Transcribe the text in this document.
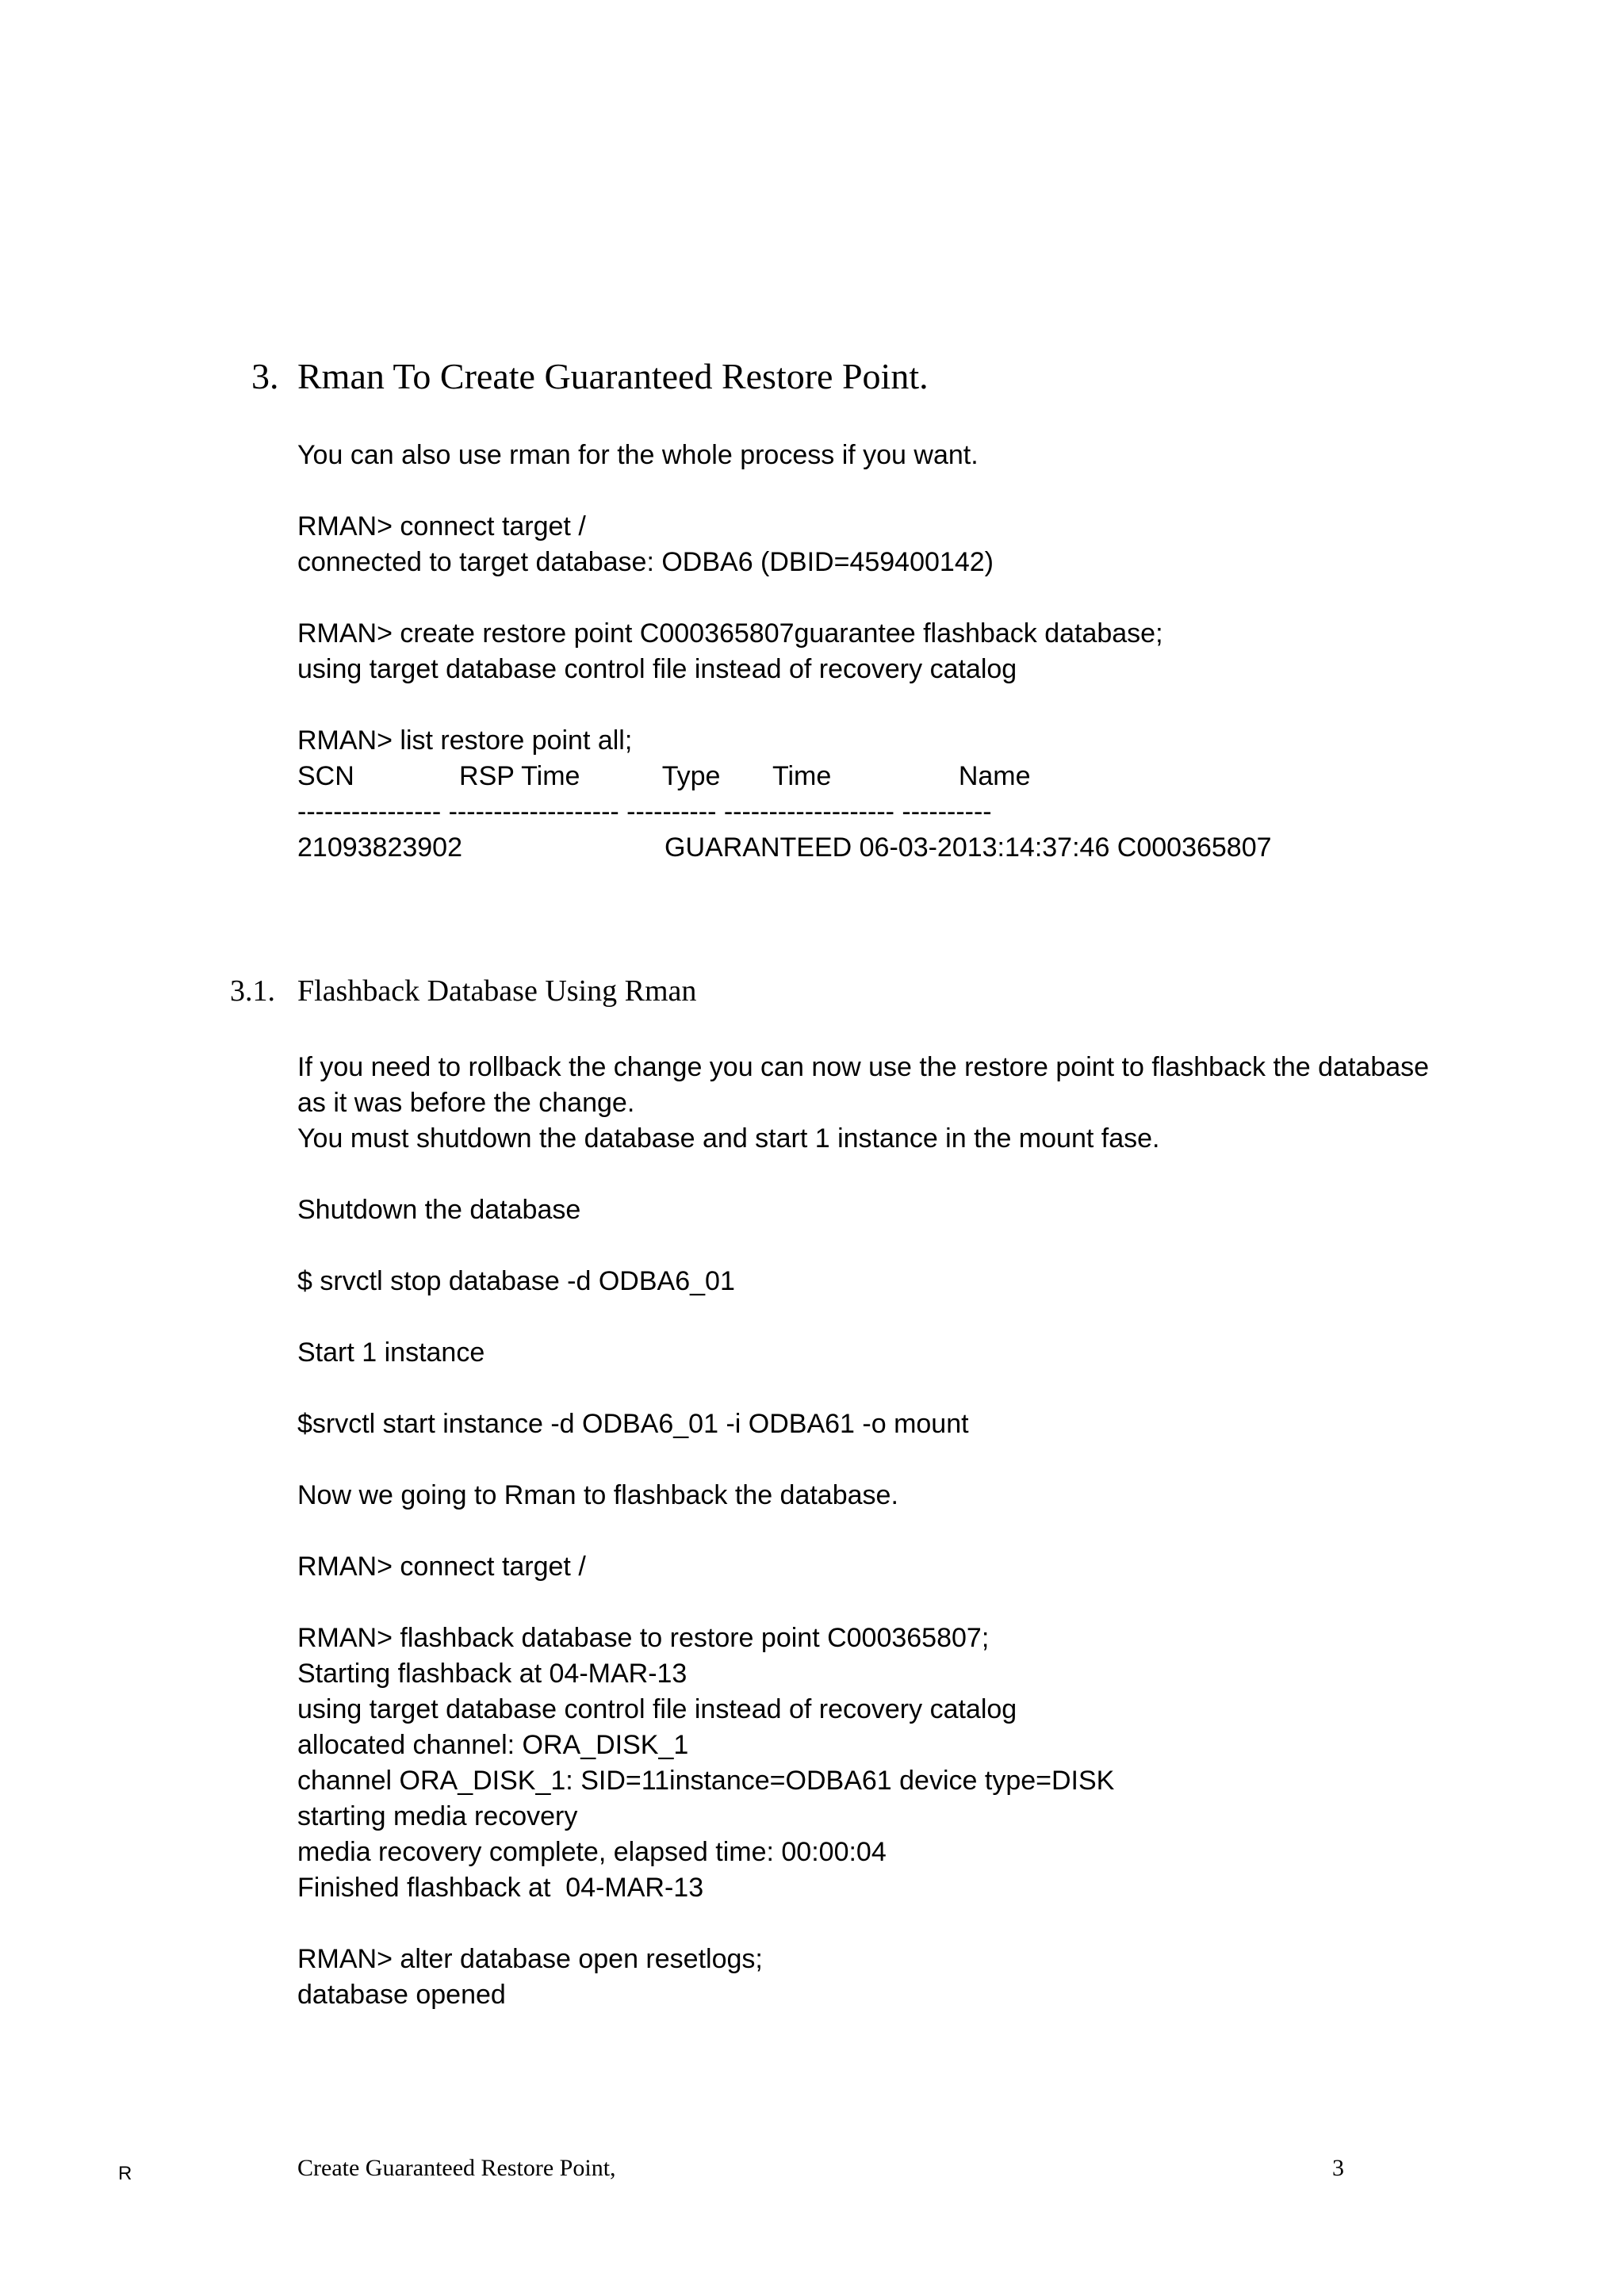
3. Rman To Create Guaranteed Restore Point.
You can also use rman for the whole process if you want.
RMAN> connect target /
connected to target database: ODBA6 (DBID=459400142)
RMAN> create restore point C000365807guarantee flashback database;
using target database control file instead of recovery catalog
RMAN> list restore point all;
SCN              RSP Time           Type       Time                 Name
---------------- ------------------- ---------- ------------------- ----------
21093823902                           GUARANTEED 06-03-2013:14:37:46 C000365807
3.1. Flashback Database Using Rman
If you need to rollback the change you can now use the restore point to flashback the database
as it was before the change.
You must shutdown the database and start 1 instance in the mount fase.
Shutdown the database
$ srvctl stop database -d ODBA6_01
Start 1 instance
$srvctl start instance -d ODBA6_01 -i ODBA61 -o mount
Now we going to Rman to flashback the database.
RMAN> connect target /
RMAN> flashback database to restore point C000365807;
Starting flashback at 04-MAR-13
using target database control file instead of recovery catalog
allocated channel: ORA_DISK_1
channel ORA_DISK_1: SID=11instance=ODBA61 device type=DISK
starting media recovery
media recovery complete, elapsed time: 00:00:04
Finished flashback at  04-MAR-13
RMAN> alter database open resetlogs;
database opened
R	Create Guaranteed Restore Point,	3
